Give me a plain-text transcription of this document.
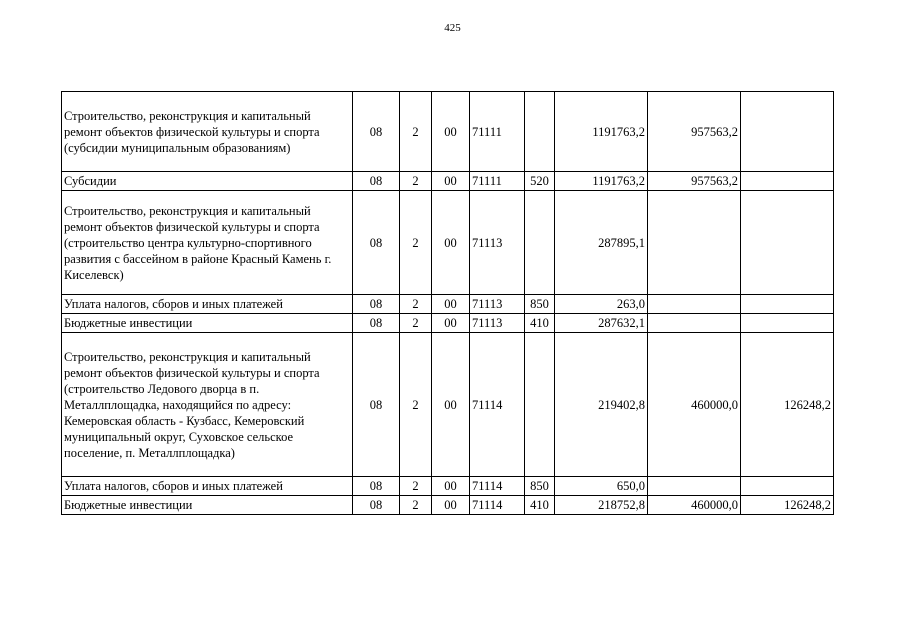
425
Строительство, реконструкция и капитальный ремонт объектов физической культуры и спорта (субсидии муниципальным образованиям)	08	2	00	71111		1191763,2	957563,2	
Субсидии	08	2	00	71111	520	1191763,2	957563,2	
Строительство, реконструкция и капитальный ремонт объектов физической культуры и спорта (строительство центра культурно-спортивного развития с бассейном в районе Красный Камень г. Киселевск)	08	2	00	71113		287895,1		
Уплата налогов, сборов и иных платежей	08	2	00	71113	850	263,0		
Бюджетные инвестиции	08	2	00	71113	410	287632,1		
Строительство, реконструкция и капитальный ремонт объектов физической культуры и спорта (строительство Ледового дворца в п. Металлплощадка, находящийся по адресу: Кемеровская область - Кузбасс, Кемеровский муниципальный округ, Суховское сельское поселение, п. Металлплощадка)	08	2	00	71114		219402,8	460000,0	126248,2
Уплата налогов, сборов и иных платежей	08	2	00	71114	850	650,0		
Бюджетные инвестиции	08	2	00	71114	410	218752,8	460000,0	126248,2
